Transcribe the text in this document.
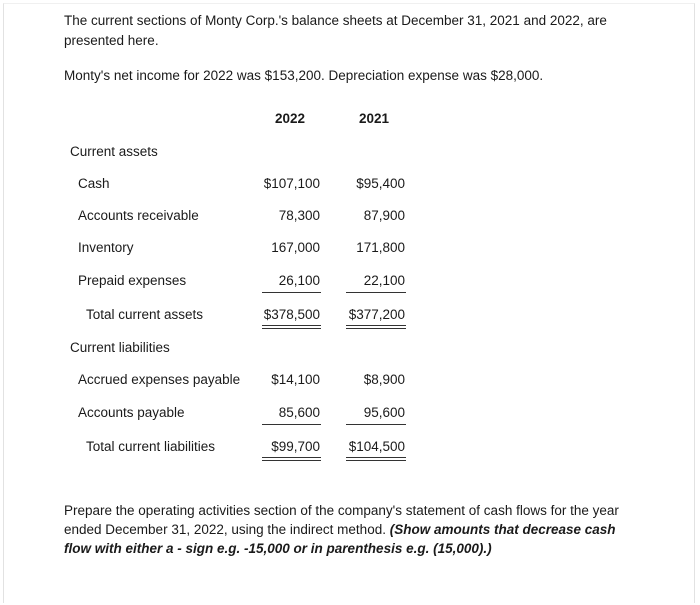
The current sections of Monty Corp.'s balance sheets at December 31, 2021 and 2022, are presented here.

Monty's net income for 2022 was $153,200. Depreciation expense was $28,000.

2022	2021
Current assets
Cash	$107,100	$95,400
Accounts receivable	78,300	87,900
Inventory	167,000	171,800
Prepaid expenses	26,100	22,100
Total current assets	$378,500 $377,200
Current liabilities
Accrued expenses payable $14,100	$8,900
Accounts payable	85,600	95,600
Total current liabilities	$99,700 $104,500

Prepare the operating activities section of the company's statement of cash flows for the year ended December 31, 2022, using the indirect method. (Show amounts that decrease cash flow with either a - sign e.g. -15,000 or in parenthesis e.g. (15,000).)
